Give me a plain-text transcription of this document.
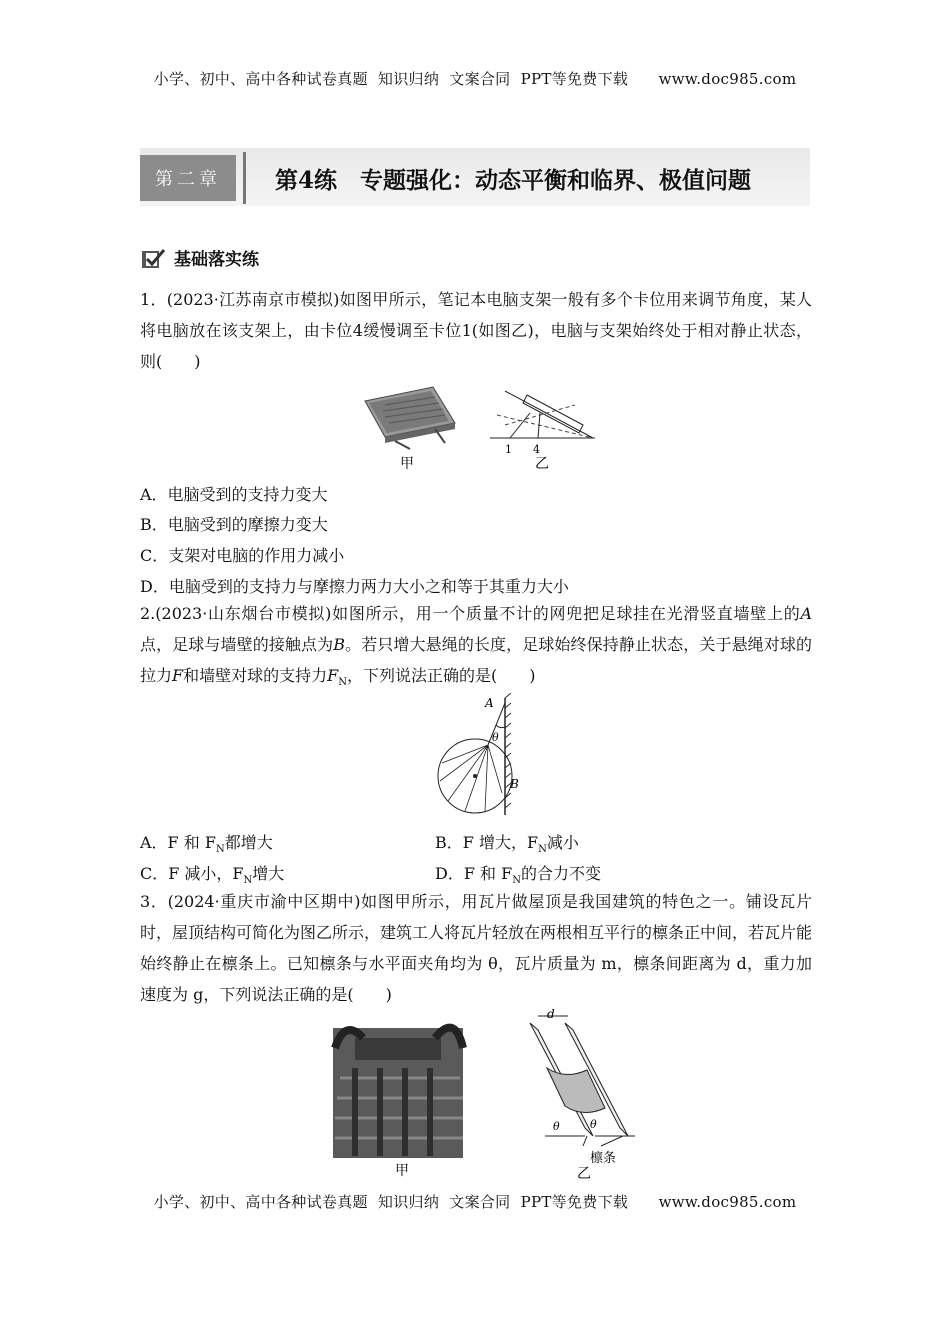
小学、初中、高中各种试卷真题  知识归纳  文案合同  PPT等免费下载      www.doc985.com
第二章	第4练　专题强化：动态平衡和临界、极值问题
基础落实练
1．(2023·江苏南京市模拟)如图甲所示，笔记本电脑支架一般有多个卡位用来调节角度，某人将电脑放在该支架上，由卡位4缓慢调至卡位1(如图乙)，电脑与支架始终处于相对静止状态，则(　　)
甲
1 4
乙
A．电脑受到的支持力变大
B．电脑受到的摩擦力变大
C．支架对电脑的作用力减小
D．电脑受到的支持力与摩擦力两力大小之和等于其重力大小
2.(2023·山东烟台市模拟)如图所示，用一个质量不计的网兜把足球挂在光滑竖直墙壁上的A点，足球与墙壁的接触点为B。若只增大悬绳的长度，足球始终保持静止状态，关于悬绳对球的拉力F和墙壁对球的支持力$F_N$，下列说法正确的是(　　)
A
θ
B
A．F 和 $F_N$都增大	B．F 增大，$F_N$减小
C．F 减小，$F_N$增大	D．F 和 $F_N$的合力不变
3．(2024·重庆市渝中区期中)如图甲所示，用瓦片做屋顶是我国建筑的特色之一。铺设瓦片时，屋顶结构可简化为图乙所示，建筑工人将瓦片轻放在两根相互平行的檩条正中间，若瓦片能始终静止在檩条上。已知檩条与水平面夹角均为 θ，瓦片质量为 m，檩条间距离为 d，重力加速度为 g，下列说法正确的是(　　)
甲
d
θ	θ
檩条
乙
小学、初中、高中各种试卷真题  知识归纳  文案合同  PPT等免费下载      www.doc985.com
